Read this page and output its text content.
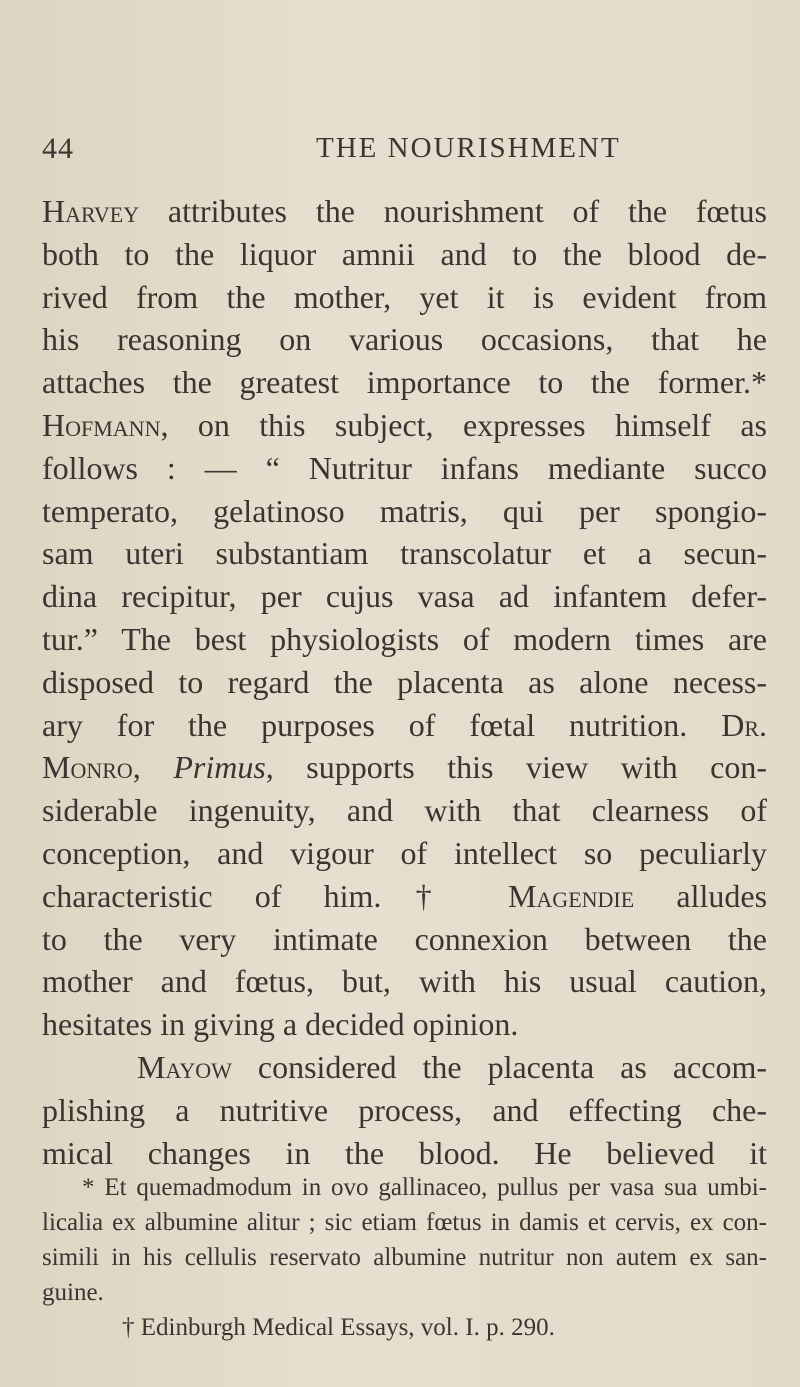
44	THE NOURISHMENT
Harvey attributes the nourishment of the fœtus
both to the liquor amnii and to the blood de-
rived from the mother, yet it is evident from
his reasoning on various occasions, that he
attaches the greatest importance to the former.*
Hofmann, on this subject, expresses himself as
follows : — “ Nutritur infans mediante succo
temperato, gelatinoso matris, qui per spongio-
sam uteri substantiam transcolatur et a secun-
dina recipitur, per cujus vasa ad infantem defer-
tur.” The best physiologists of modern times are
disposed to regard the placenta as alone necess-
ary for the purposes of fœtal nutrition. Dr.
Monro, Primus, supports this view with con-
siderable ingenuity, and with that clearness of
conception, and vigour of intellect so peculiarly
characteristic of him.† Magendie alludes
to the very intimate connexion between the
mother and fœtus, but, with his usual caution,
hesitates in giving a decided opinion.
Mayow considered the placenta as accom-
plishing a nutritive process, and effecting che-
mical changes in the blood. He believed it
* Et quemadmodum in ovo gallinaceo, pullus per vasa sua umbi-
licalia ex albumine alitur ; sic etiam fœtus in damis et cervis, ex con-
simili in his cellulis reservato albumine nutritur non autem ex san-
guine.
† Edinburgh Medical Essays, vol. I. p. 290.
